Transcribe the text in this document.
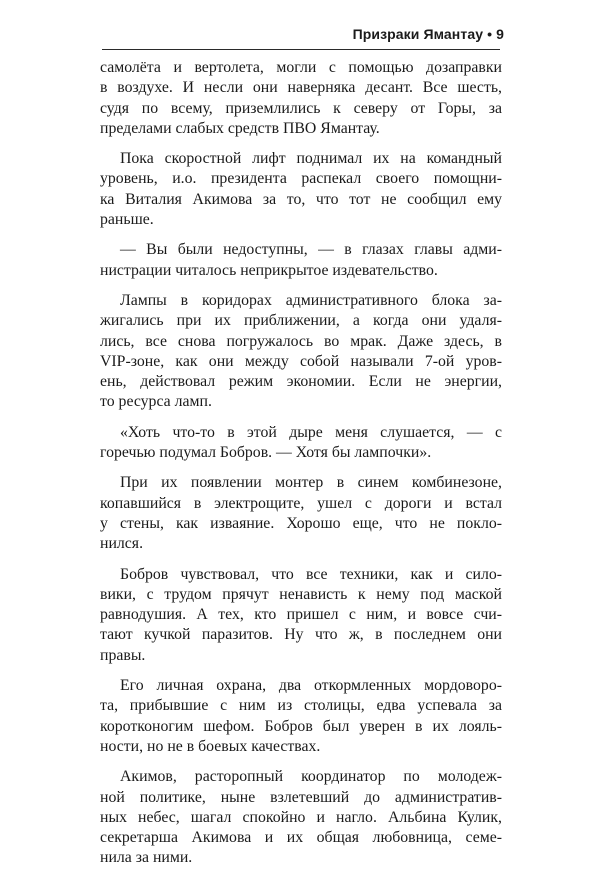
Призраки Ямантау • 9
самолёта и вертолета, могли с помощью дозаправки
в воздухе. И несли они наверняка десант. Все шесть,
судя по всему, приземлились к северу от Горы, за
пределами слабых средств ПВО Ямантау.
Пока скоростной лифт поднимал их на командный
уровень, и.о. президента распекал своего помощни-
ка Виталия Акимова за то, что тот не сообщил ему
раньше.
— Вы были недоступны, — в глазах главы адми-
нистрации читалось неприкрытое издевательство.
Лампы в коридорах административного блока за-
жигались при их приближении, а когда они удаля-
лись, все снова погружалось во мрак. Даже здесь, в
VIP-зоне, как они между собой называли 7-ой уров-
ень, действовал режим экономии. Если не энергии,
то ресурса ламп.
«Хоть что-то в этой дыре меня слушается, — с
горечью подумал Бобров. — Хотя бы лампочки».
При их появлении монтер в синем комбинезоне,
копавшийся в электрощите, ушел с дороги и встал
у стены, как изваяние. Хорошо еще, что не покло-
нился.
Бобров чувствовал, что все техники, как и сило-
вики, с трудом прячут ненависть к нему под маской
равнодушия. А тех, кто пришел с ним, и вовсе счи-
тают кучкой паразитов. Ну что ж, в последнем они
правы.
Его личная охрана, два откормленных мордоворо-
та, прибывшие с ним из столицы, едва успевала за
коротконогим шефом. Бобров был уверен в их лояль-
ности, но не в боевых качествах.
Акимов, расторопный координатор по молодеж-
ной политике, ныне взлетевший до административ-
ных небес, шагал спокойно и нагло. Альбина Кулик,
секретарша Акимова и их общая любовница, семе-
нила за ними.
